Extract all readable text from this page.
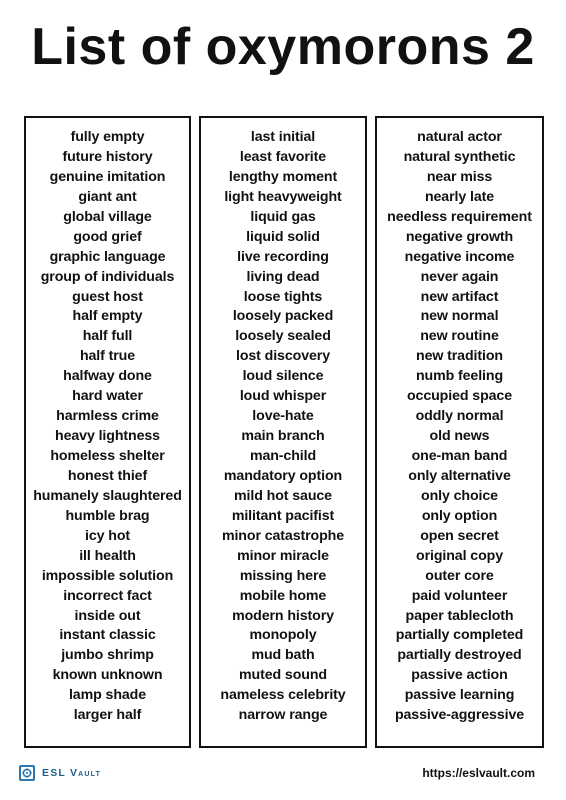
List of oxymorons 2
fully empty
future history
genuine imitation
giant ant
global village
good grief
graphic language
group of individuals
guest host
half empty
half full
half true
halfway done
hard water
harmless crime
heavy lightness
homeless shelter
honest thief
humanely slaughtered
humble brag
icy hot
ill health
impossible solution
incorrect fact
inside out
instant classic
jumbo shrimp
known unknown
lamp shade
larger half
last initial
least favorite
lengthy moment
light heavyweight
liquid gas
liquid solid
live recording
living dead
loose tights
loosely packed
loosely sealed
lost discovery
loud silence
loud whisper
love-hate
main branch
man-child
mandatory option
mild hot sauce
militant pacifist
minor catastrophe
minor miracle
missing here
mobile home
modern history
monopoly
mud bath
muted sound
nameless celebrity
narrow range
natural actor
natural synthetic
near miss
nearly late
needless requirement
negative growth
negative income
never again
new artifact
new normal
new routine
new tradition
numb feeling
occupied space
oddly normal
old news
one-man band
only alternative
only choice
only option
open secret
original copy
outer core
paid volunteer
paper tablecloth
partially completed
partially destroyed
passive action
passive learning
passive-aggressive
ESL Vault	https://eslvault.com
